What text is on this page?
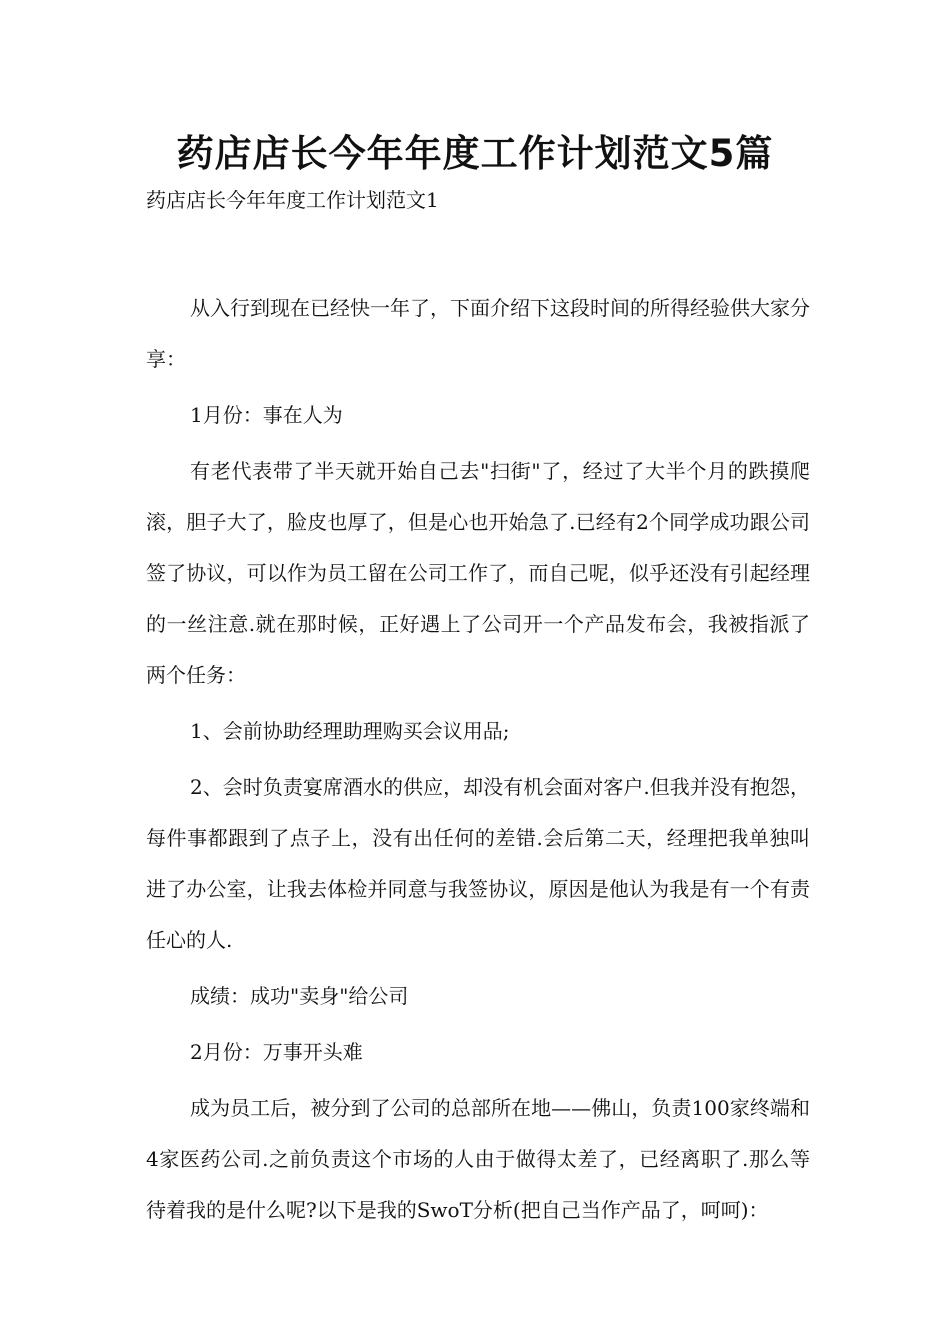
药店店长今年年度工作计划范文5篇

药店店长今年年度工作计划范文1

从入行到现在已经快一年了，下面介绍下这段时间的所得经验供大家分享：

1月份：事在人为

有老代表带了半天就开始自己去"扫街"了，经过了大半个月的跌摸爬滚，胆子大了，脸皮也厚了，但是心也开始急了.已经有2个同学成功跟公司签了协议，可以作为员工留在公司工作了，而自己呢，似乎还没有引起经理的一丝注意.就在那时候，正好遇上了公司开一个产品发布会，我被指派了两个任务：

1、会前协助经理助理购买会议用品;

2、会时负责宴席酒水的供应，却没有机会面对客户.但我并没有抱怨，每件事都跟到了点子上，没有出任何的差错.会后第二天，经理把我单独叫进了办公室，让我去体检并同意与我签协议，原因是他认为我是有一个有责任心的人.

成绩：成功"卖身"给公司

2月份：万事开头难

成为员工后，被分到了公司的总部所在地——佛山，负责100家终端和4家医药公司.之前负责这个市场的人由于做得太差了，已经离职了.那么等待着我的是什么呢?以下是我的SwoT分析(把自己当作产品了，呵呵)：
